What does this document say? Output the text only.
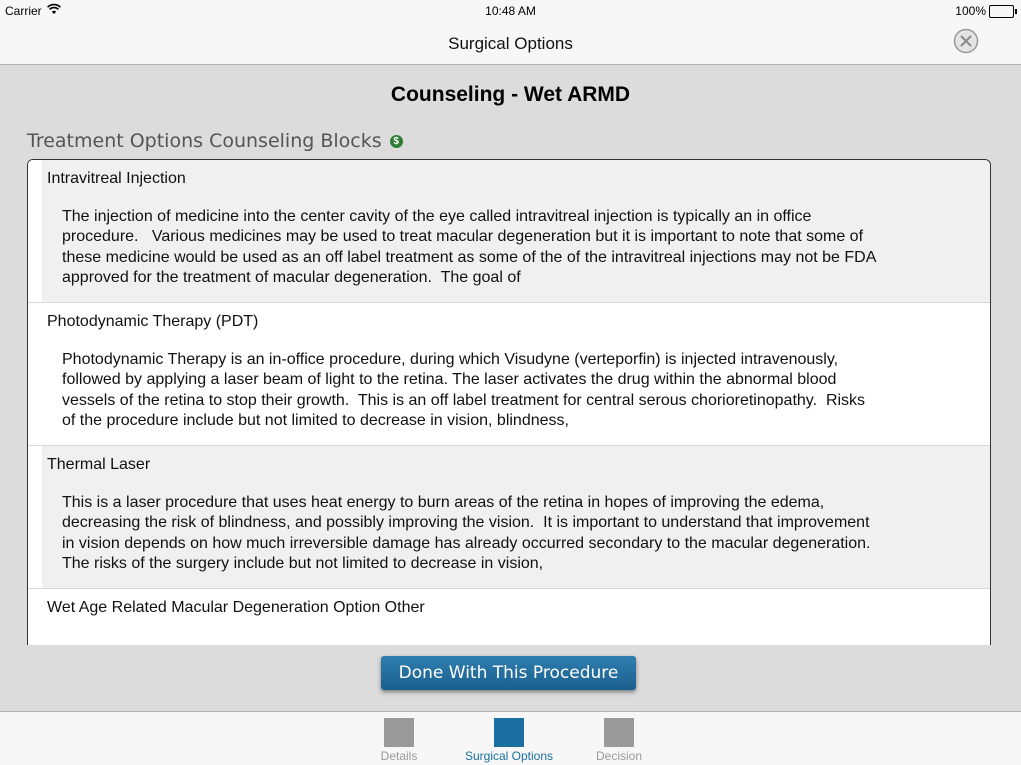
Carrier	10:48 AM	100%
Surgical Options
Counseling - Wet ARMD
Treatment Options Counseling Blocks $
Intravitreal Injection
The injection of medicine into the center cavity of the eye called intravitreal injection is typically an in office procedure.   Various medicines may be used to treat macular degeneration but it is important to note that some of these medicine would be used as an off label treatment as some of the of the intravitreal injections may not be FDA approved for the treatment of macular degeneration.  The goal of
Photodynamic Therapy (PDT)
Photodynamic Therapy is an in-office procedure, during which Visudyne (verteporfin) is injected intravenously, followed by applying a laser beam of light to the retina. The laser activates the drug within the abnormal blood vessels of the retina to stop their growth.  This is an off label treatment for central serous chorioretinopathy.  Risks of the procedure include but not limited to decrease in vision, blindness,
Thermal Laser
This is a laser procedure that uses heat energy to burn areas of the retina in hopes of improving the edema, decreasing the risk of blindness, and possibly improving the vision.  It is important to understand that improvement in vision depends on how much irreversible damage has already occurred secondary to the macular degeneration.  The risks of the surgery include but not limited to decrease in vision,
Wet Age Related Macular Degeneration Option Other
Done With This Procedure
Details	Surgical Options	Decision
